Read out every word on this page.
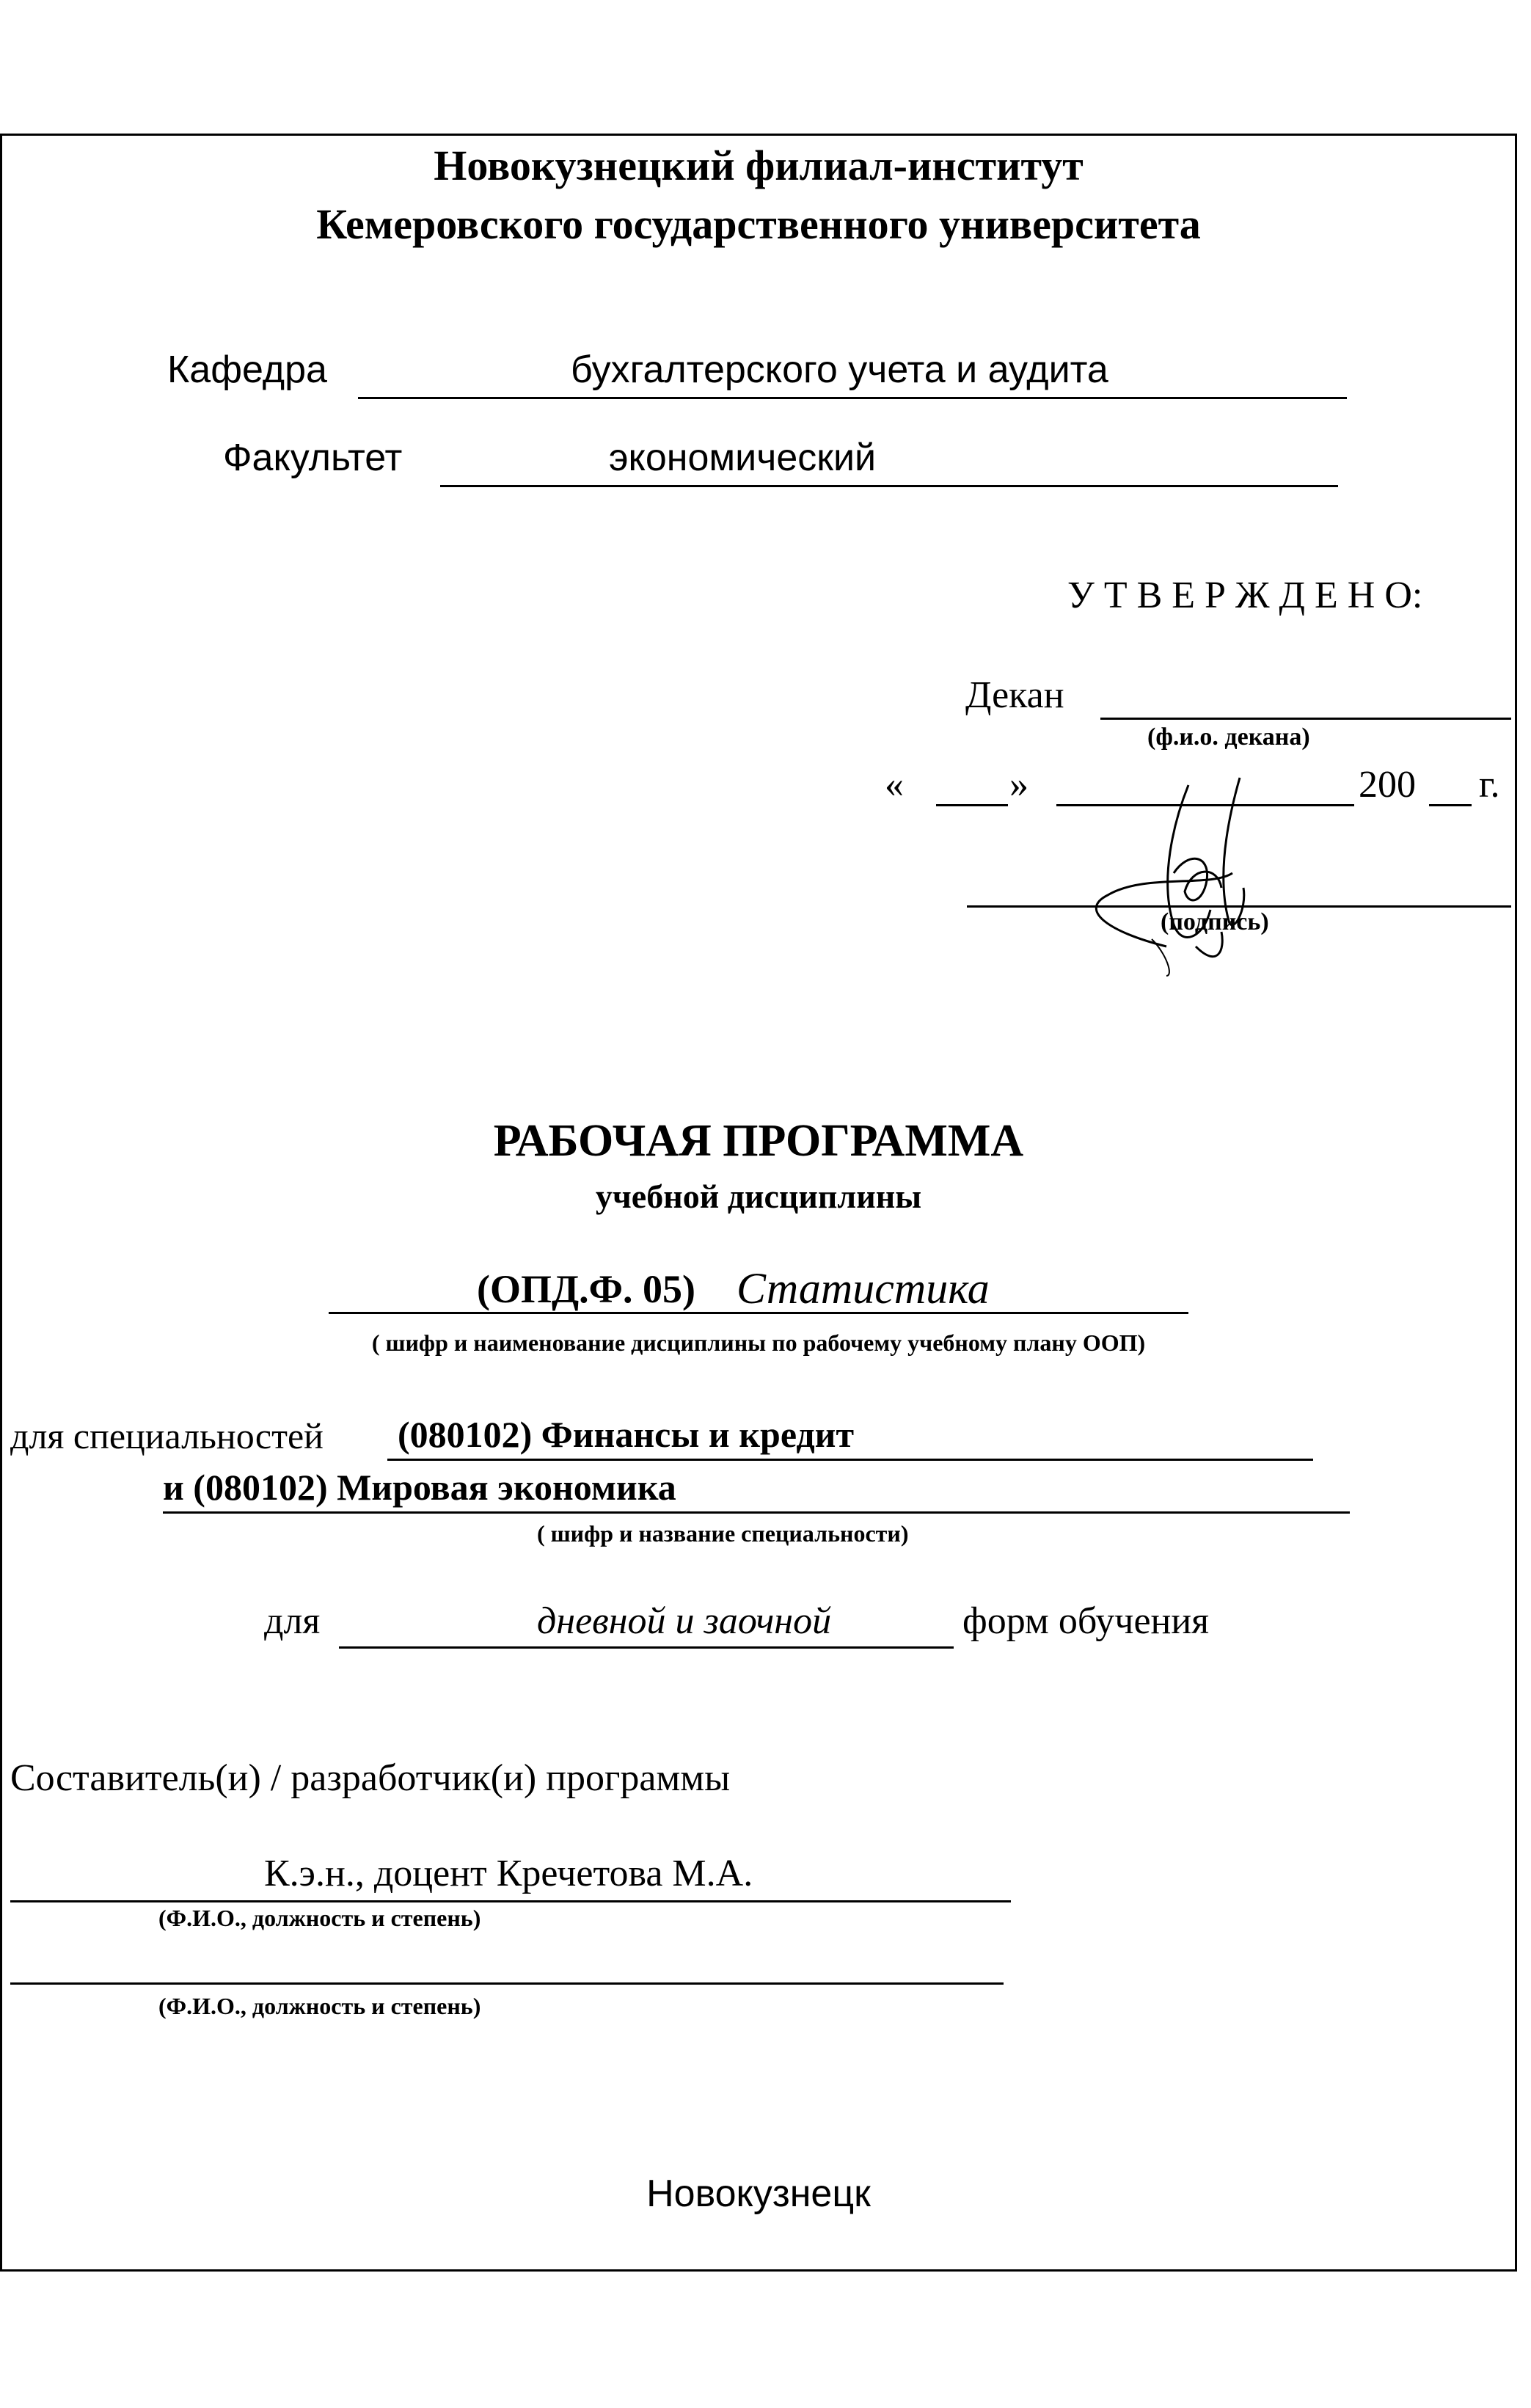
Новокузнецкий филиал-институт
Кемеровского государственного университета
Кафедра	бухгалтерского учета и аудита
Факультет	экономический
У Т В Е Р Ж Д Е Н О:
Декан
(ф.и.о. декана)
«	»	200 г.
(подпись)
РАБОЧАЯ ПРОГРАММА
учебной дисциплины
(ОПД.Ф. 05) Статистика
( шифр и наименование дисциплины по рабочему учебному плану ООП)
для специальностей (080102) Финансы и кредит
и (080102) Мировая экономика
( шифр и название специальности)
для	дневной и заочной	форм обучения
Составитель(и) / разработчик(и) программы
К.э.н., доцент Кречетова М.А.
(Ф.И.О., должность и степень)
(Ф.И.О., должность и степень)
Новокузнецк
